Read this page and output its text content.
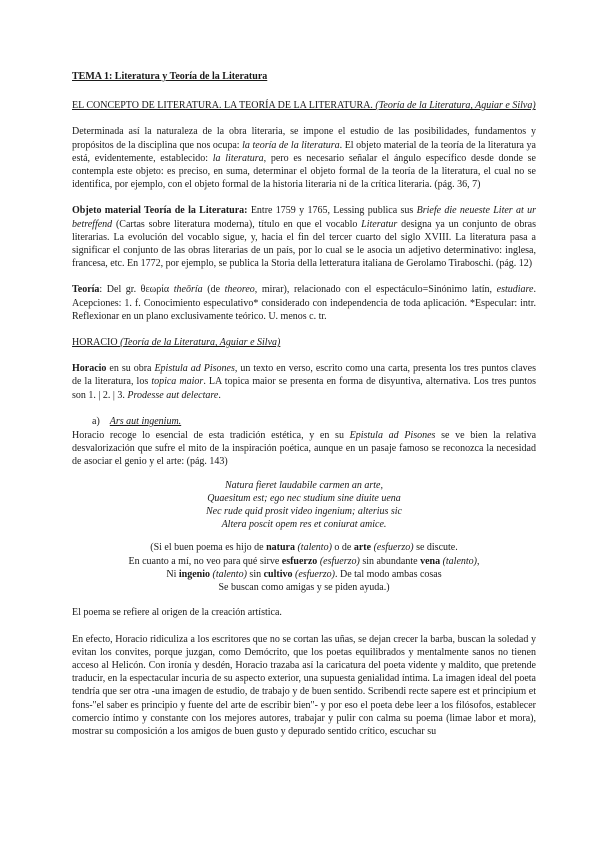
TEMA 1: Literatura y Teoría de la Literatura

EL CONCEPTO DE LITERATURA. LA TEORÍA DE LA LITERATURA. (Teoría de la Literatura, Aguiar e Silva)

Determinada así la naturaleza de la obra literaria, se impone el estudio de las posibilidades, fundamentos y propósitos de la disciplina que nos ocupa: la teoría de la literatura. El objeto material de la teoría de la literatura ya está, evidentemente, establecido: la literatura, pero es necesario señalar el ángulo específico desde donde se contempla este objeto: es preciso, en suma, determinar el objeto formal de la teoría de la literatura, el cual no se identifica, por ejemplo, con el objeto formal de la historia literaria ni de la crítica literaria. (pág. 36, 7)

Objeto material Teoría de la Literatura: Entre 1759 y 1765, Lessing publica sus Briefe die neueste Liter at ur betreffend (Cartas sobre literatura moderna), título en que el vocablo Literatur designa ya un conjunto de obras literarias. La evolución del vocablo sigue, y, hacia el fin del tercer cuarto del siglo XVIII. La literatura pasa a significar el conjunto de las obras literarias de un país, por lo cual se le asocia un adjetivo determinativo: inglesa, francesa, etc. En 1772, por ejemplo, se publica la Storia della letteratura italiana de Gerolamo Tiraboschi. (pág. 12)

Teoría: Del gr. θεωρία theōría (de theoreo, mirar), relacionado con el espectáculo=Sinónimo latín, estudiare. Acepciones: 1. f. Conocimiento especulativo* considerado con independencia de toda aplicación. *Especular: intr. Reflexionar en un plano exclusivamente teórico. U. menos c. tr.

HORACIO (Teoría de la Literatura, Aguiar e Silva)

Horacio en su obra Epistula ad Pisones, un texto en verso, escrito como una carta, presenta los tres puntos claves de la literatura, los topica maior. LA topica maior se presenta en forma de disyuntiva, alternativa. Los tres puntos son 1. | 2. | 3. Prodesse aut delectare.

a) Ars aut ingenium.

Horacio recoge lo esencial de esta tradición estética, y en su Epistula ad Pisones se ve bien la relativa desvalorización que sufre el mito de la inspiración poética, aunque en un pasaje famoso se reconozca la necesidad de asociar el genio y el arte: (pág. 143)

Natura fieret laudabile carmen an arte,
Quaesitum est; ego nec studium sine diuite uena
Nec rude quid prosit video ingenium; alterius sic
Altera poscit opem res et coniurat amice.
(Si el buen poema es hijo de natura (talento) o de arte (esfuerzo) se discute.
En cuanto a mí, no veo para qué sirve esfuerzo (esfuerzo) sin abundante vena (talento),
Ni ingenio (talento) sin cultivo (esfuerzo). De tal modo ambas cosas
Se buscan como amigas y se piden ayuda.)

El poema se refiere al origen de la creación artística.

En efecto, Horacio ridiculiza a los escritores que no se cortan las uñas, se dejan crecer la barba, buscan la soledad y evitan los convites, porque juzgan, como Demócrito, que los poetas equilibrados y mentalmente sanos no tienen acceso al Helicón. Con ironía y desdén, Horacio trazaba así la caricatura del poeta vidente y maldito, que pretende traducir, en la espectacular incuria de su aspecto exterior, una supuesta genialidad íntima. La imagen ideal del poeta tendría que ser otra -una imagen de estudio, de trabajo y de buen sentido. Scribendi recte sapere est et principium et fons-"el saber es principio y fuente del arte de escribir bien"- y por eso el poeta debe leer a los filósofos, establecer comercio íntimo y constante con los mejores autores, trabajar y pulir con calma su poema (limae labor et mora), mostrar su composición a los amigos de buen gusto y depurado sentido crítico, escuchar su
